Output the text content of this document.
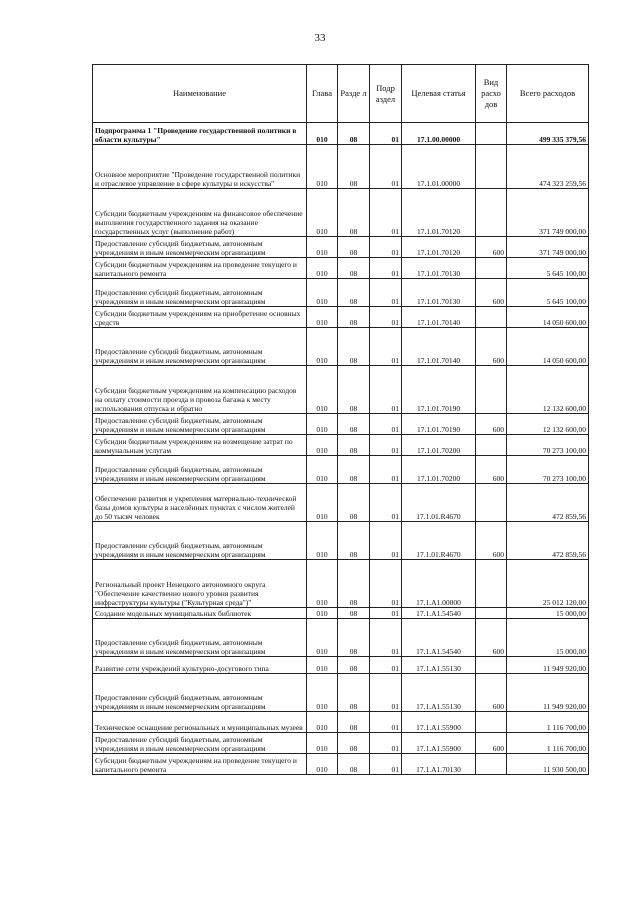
33
Наименование	Глава	Разде л	Подр аздел	Целевая статья	Вид расхо дов	Всего расходов
Подпрограмма 1 "Проведение государственной политики в области культуры"	010	08	01	17.1.00.00000		499 335 379,56
Основное мероприятие "Проведение государственной политики и отраслевое управление в сфере культуры и искусства"	010	08	01	17.1.01.00000		474 323 259,56
Субсидии бюджетным учреждениям на финансовое обеспечение выполнения государственного задания на оказание государственных услуг (выполнение работ)	010	08	01	17.1.01.70120		371 749 000,00
Предоставление субсидий бюджетным, автономным учреждениям и иным некоммерческим организациям	010	08	01	17.1.01.70120	600	371 749 000,00
Субсидии бюджетным учреждениям на проведение текущего и капитального ремонта	010	08	01	17.1.01.70130		5 645 100,00
Предоставление субсидий бюджетным, автономным учреждениям и иным некоммерческим организациям	010	08	01	17.1.01.70130	600	5 645 100,00
Субсидии бюджетным учреждениям на приобретение основных средств	010	08	01	17.1.01.70140		14 050 600,00
Предоставление субсидий бюджетным, автономным учреждениям и иным некоммерческим организациям	010	08	01	17.1.01.70140	600	14 050 600,00
Субсидии бюджетным учреждениям на компенсацию расходов на оплату стоимости проезда и провоза багажа к месту использования отпуска и обратно	010	08	01	17.1.01.70190		12 132 600,00
Предоставление субсидий бюджетным, автономным учреждениям и иным некоммерческим организациям	010	08	01	17.1.01.70190	600	12 132 600,00
Субсидии бюджетным учреждениям на возмещение затрат по коммунальным услугам	010	08	01	17.1.01.70200		70 273 100,00
Предоставление субсидий бюджетным, автономным учреждениям и иным некоммерческим организациям	010	08	01	17.1.01.70200	600	70 273 100,00
Обеспечение развития и укрепления материально-технической базы домов культуры в населённых пунктах с числом жителей до 50 тысяч человек	010	08	01	17.1.01.R4670		472 859,56
Предоставление субсидий бюджетным, автономным учреждениям и иным некоммерческим организациям	010	08	01	17.1.01.R4670	600	472 859,56
Региональный проект Ненецкого автономного округа "Обеспечение качественно нового уровня развития инфраструктуры культуры ("Культурная среда")"	010	08	01	17.1.А1.00000		25 012 120,00
Создание модельных муниципальных библиотек	010	08	01	17.1.А1.54540		15 000,00
Предоставление субсидий бюджетным, автономным учреждениям и иным некоммерческим организациям	010	08	01	17.1.А1.54540	600	15 000,00
Развитие сети учреждений культурно-досугового типа	010	08	01	17.1.А1.55130		11 949 920,00
Предоставление субсидий бюджетным, автономным учреждениям и иным некоммерческим организациям	010	08	01	17.1.А1.55130	600	11 949 920,00
Техническое оснащение региональных и муниципальных музеев	010	08	01	17.1.А1.55900		1 116 700,00
Предоставление субсидий бюджетным, автономным учреждениям и иным некоммерческим организациям	010	08	01	17.1.А1.55900	600	1 116 700,00
Субсидии бюджетным учреждениям на проведение текущего и капитального ремонта	010	08	01	17.1.А1.70130		11 930 500,00
